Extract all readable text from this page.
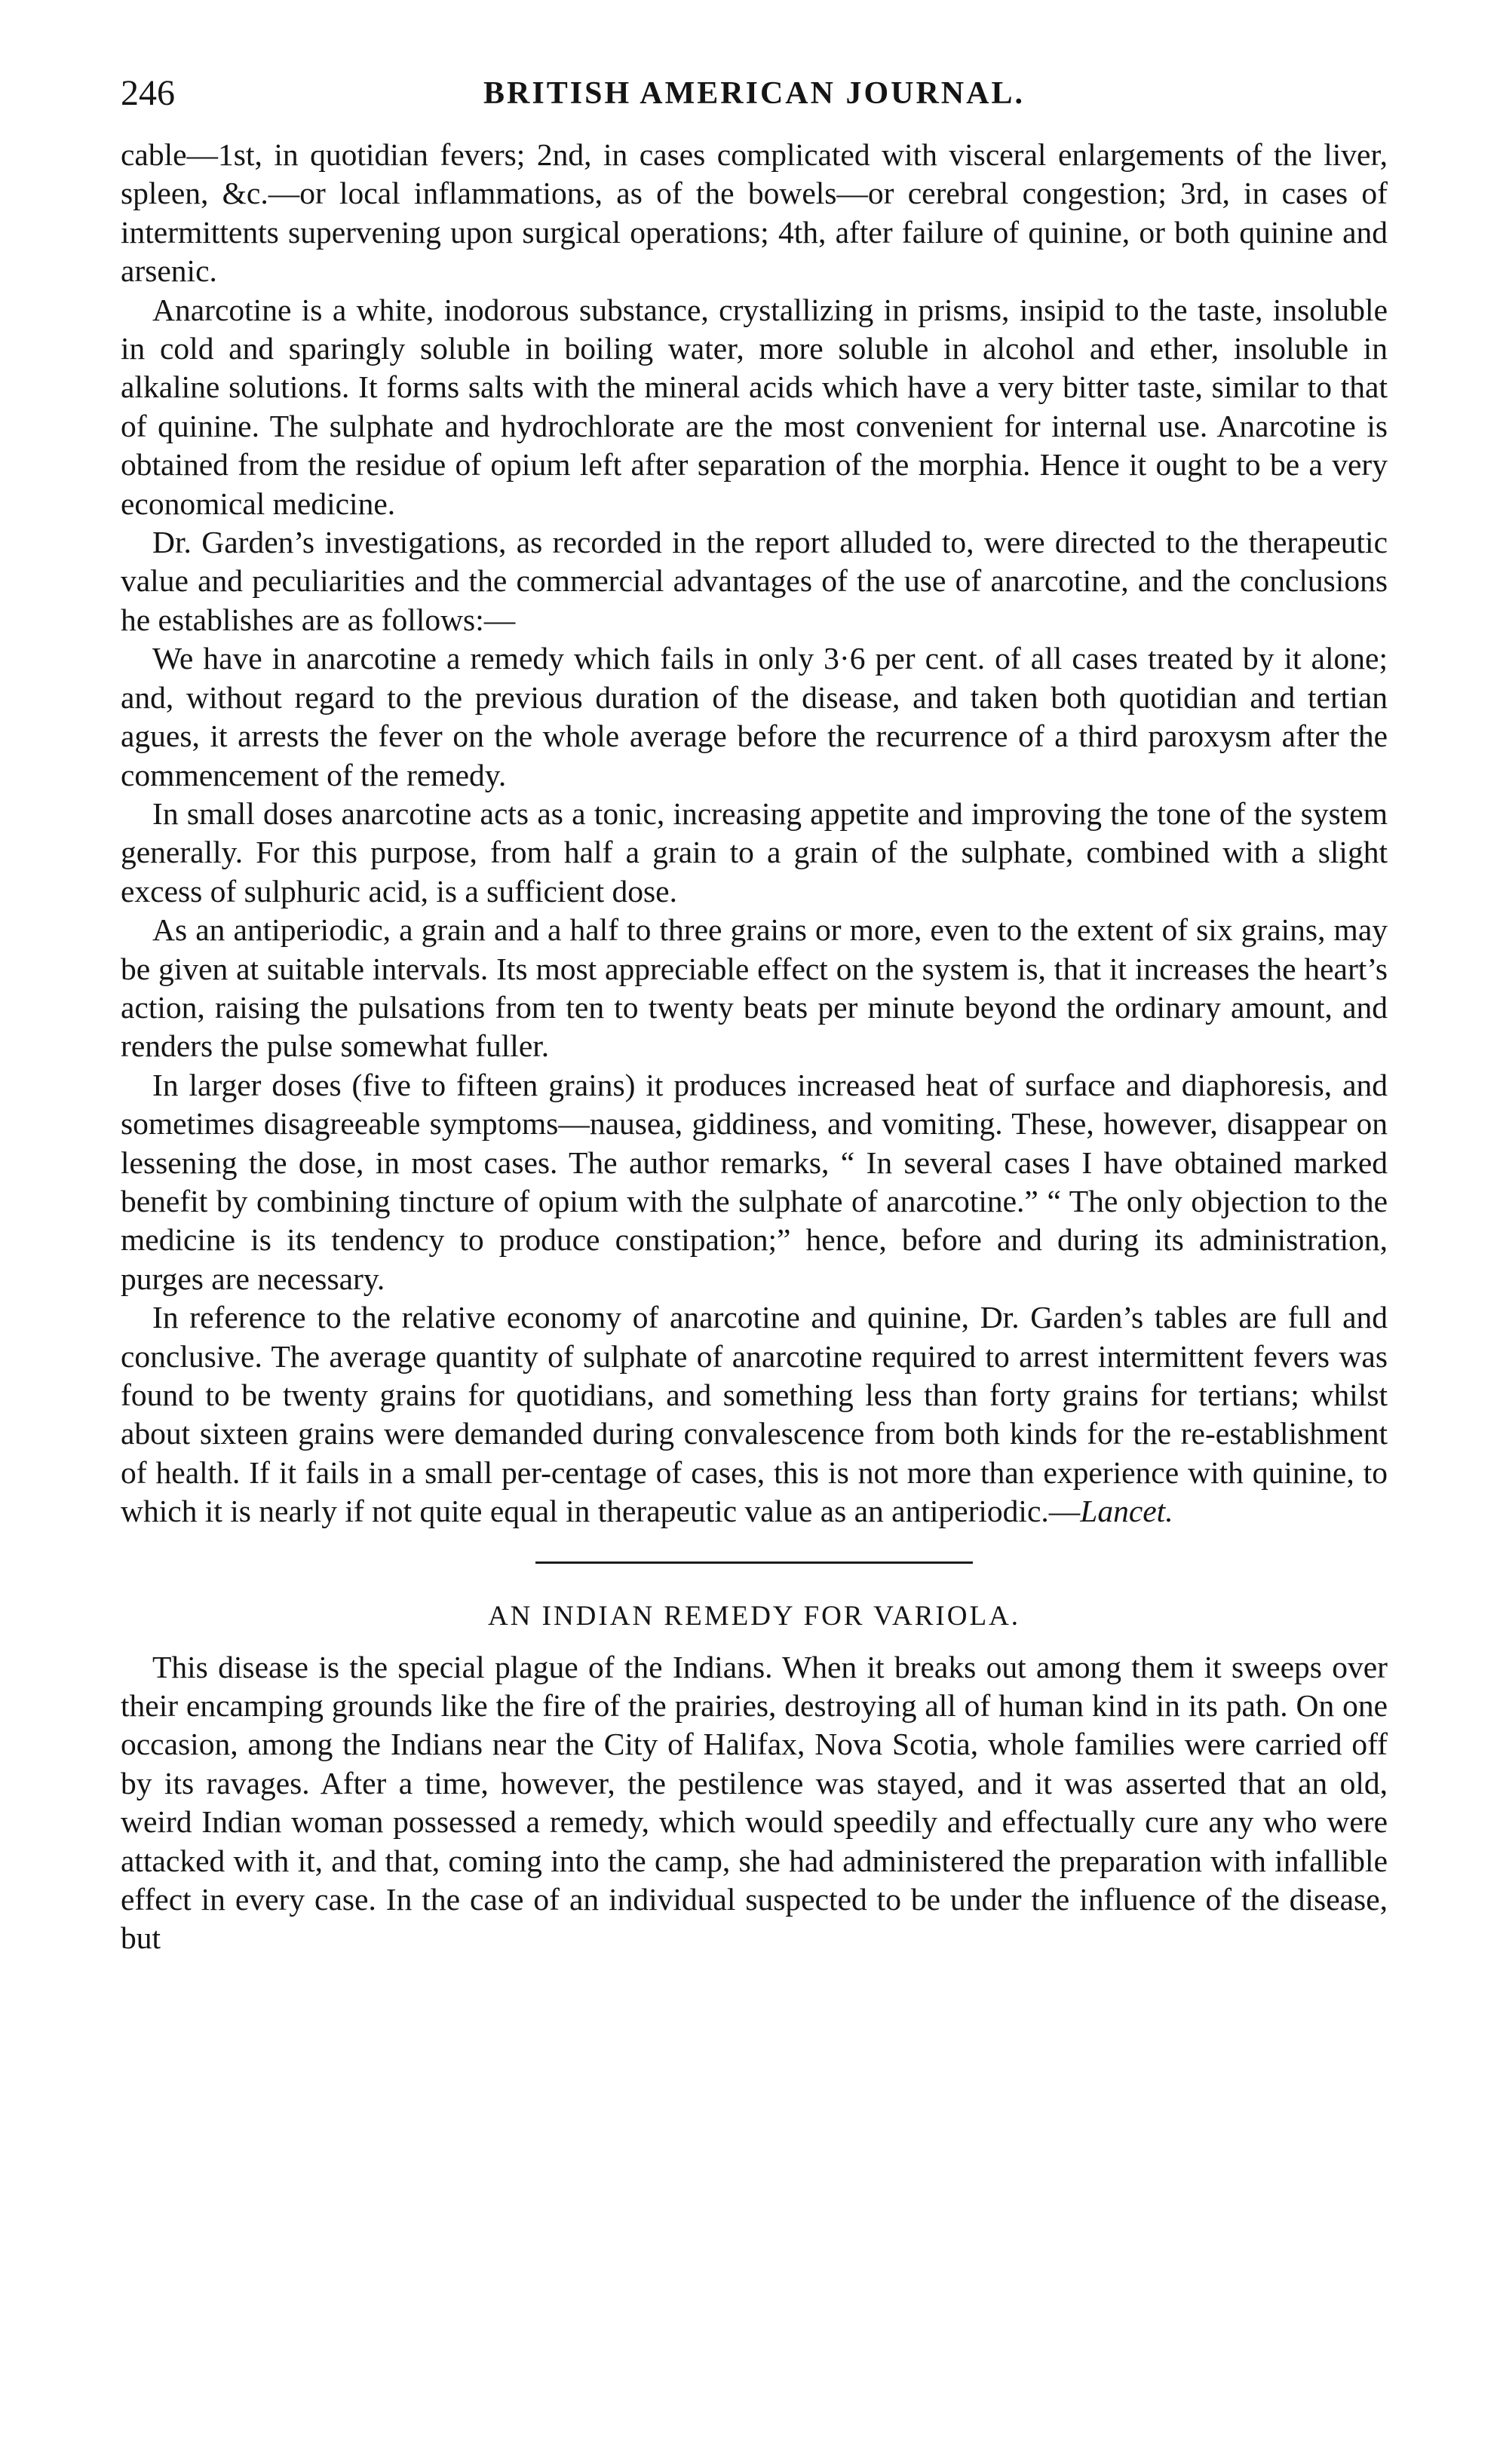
246	BRITISH AMERICAN JOURNAL.

cable—1st, in quotidian fevers; 2nd, in cases complicated with visceral enlargements of the liver, spleen, &c.—or local inflammations, as of the bowels—or cerebral congestion; 3rd, in cases of intermittents supervening upon surgical operations; 4th, after failure of quinine, or both quinine and arsenic.

Anarcotine is a white, inodorous substance, crystallizing in prisms, insipid to the taste, insoluble in cold and sparingly soluble in boiling water, more soluble in alcohol and ether, insoluble in alkaline solutions. It forms salts with the mineral acids which have a very bitter taste, similar to that of quinine. The sulphate and hydrochlorate are the most convenient for internal use. Anarcotine is obtained from the residue of opium left after separation of the morphia. Hence it ought to be a very economical medicine.

Dr. Garden’s investigations, as recorded in the report alluded to, were directed to the therapeutic value and peculiarities and the commercial advantages of the use of anarcotine, and the conclusions he establishes are as follows:—

We have in anarcotine a remedy which fails in only 3·6 per cent. of all cases treated by it alone; and, without regard to the previous duration of the disease, and taken both quotidian and tertian agues, it arrests the fever on the whole average before the recurrence of a third paroxysm after the commencement of the remedy.

In small doses anarcotine acts as a tonic, increasing appetite and improving the tone of the system generally. For this purpose, from half a grain to a grain of the sulphate, combined with a slight excess of sulphuric acid, is a sufficient dose.

As an antiperiodic, a grain and a half to three grains or more, even to the extent of six grains, may be given at suitable intervals. Its most appreciable effect on the system is, that it increases the heart’s action, raising the pulsations from ten to twenty beats per minute beyond the ordinary amount, and renders the pulse somewhat fuller.

In larger doses (five to fifteen grains) it produces increased heat of surface and diaphoresis, and sometimes disagreeable symptoms—nausea, giddiness, and vomiting. These, however, disappear on lessening the dose, in most cases. The author remarks, “ In several cases I have obtained marked benefit by combining tincture of opium with the sulphate of anarcotine.” “ The only objection to the medicine is its tendency to produce constipation;” hence, before and during its administration, purges are necessary.

In reference to the relative economy of anarcotine and quinine, Dr. Garden’s tables are full and conclusive. The average quantity of sulphate of anarcotine required to arrest intermittent fevers was found to be twenty grains for quotidians, and something less than forty grains for tertians; whilst about sixteen grains were demanded during convalescence from both kinds for the re-establishment of health. If it fails in a small per-centage of cases, this is not more than experience with quinine, to which it is nearly if not quite equal in therapeutic value as an antiperiodic.—Lancet.

AN INDIAN REMEDY FOR VARIOLA.

This disease is the special plague of the Indians. When it breaks out among them it sweeps over their encamping grounds like the fire of the prairies, destroying all of human kind in its path. On one occasion, among the Indians near the City of Halifax, Nova Scotia, whole families were carried off by its ravages. After a time, however, the pestilence was stayed, and it was asserted that an old, weird Indian woman possessed a remedy, which would speedily and effectually cure any who were attacked with it, and that, coming into the camp, she had administered the preparation with infallible effect in every case. In the case of an individual suspected to be under the influence of the disease, but
